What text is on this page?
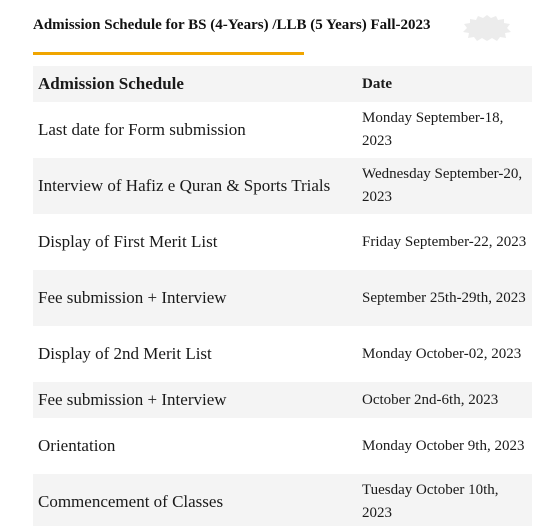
Admission Schedule for BS (4-Years) /LLB (5 Years) Fall-2023
Admission Schedule	Date
Last date for Form submission	Monday September-18, 2023
Interview of Hafiz e Quran & Sports Trials	Wednesday September-20, 2023
Display of First Merit List	Friday September-22, 2023
Fee submission + Interview	September 25th-29th, 2023
Display of 2nd Merit List	Monday October-02, 2023
Fee submission + Interview	October 2nd-6th, 2023
Orientation	Monday October 9th, 2023
Commencement of Classes	Tuesday October 10th, 2023
